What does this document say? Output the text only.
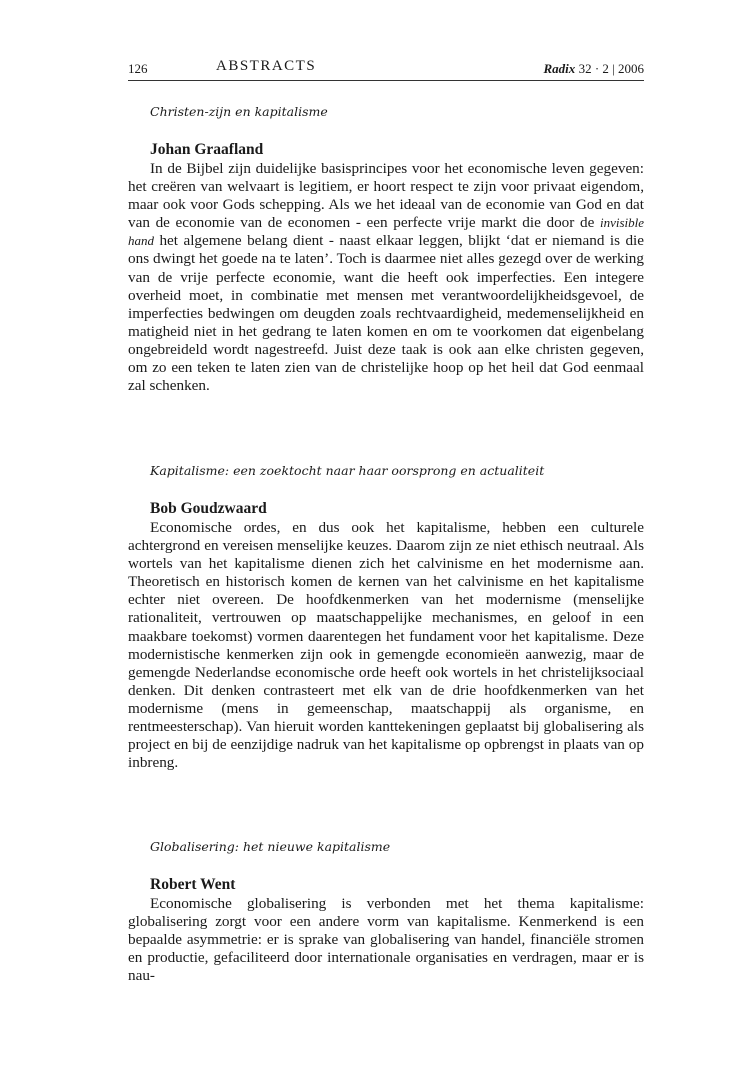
126	ABSTRACTS	Radix 32 · 2 | 2006

Christen-zijn en kapitalisme

Johan Graafland

In de Bijbel zijn duidelijke basisprincipes voor het economische leven gegeven: het creëren van welvaart is legitiem, er hoort respect te zijn voor privaat eigendom, maar ook voor Gods schepping. Als we het ideaal van de economie van God en dat van de economie van de economen - een perfecte vrije markt die door de invisible hand het algemene belang dient - naast elkaar leggen, blijkt ‘dat er niemand is die ons dwingt het goede na te laten’. Toch is daarmee niet alles gezegd over de werking van de vrije perfecte economie, want die heeft ook imperfecties. Een integere overheid moet, in combinatie met mensen met verantwoordelijkheidsgevoel, de imperfecties bedwingen om deugden zoals rechtvaardigheid, medemenselijkheid en matigheid niet in het gedrang te laten komen en om te voorkomen dat eigenbelang ongebreideld wordt nagestreefd. Juist deze taak is ook aan elke christen gegeven, om zo een teken te laten zien van de christelijke hoop op het heil dat God eenmaal zal schenken.

Kapitalisme: een zoektocht naar haar oorsprong en actualiteit

Bob Goudzwaard

Economische ordes, en dus ook het kapitalisme, hebben een culturele achtergrond en vereisen menselijke keuzes. Daarom zijn ze niet ethisch neutraal. Als wortels van het kapitalisme dienen zich het calvinisme en het modernisme aan. Theoretisch en historisch komen de kernen van het calvinisme en het kapitalisme echter niet overeen. De hoofdkenmerken van het modernisme (menselijke rationaliteit, vertrouwen op maatschappelijke mechanismes, en geloof in een maakbare toekomst) vormen daarentegen het fundament voor het kapitalisme. Deze modernistische kenmerken zijn ook in gemengde economieën aanwezig, maar de gemengde Nederlandse economische orde heeft ook wortels in het christelijksociaal denken. Dit denken contrasteert met elk van de drie hoofdkenmerken van het modernisme (mens in gemeenschap, maatschappij als organisme, en rentmeesterschap). Van hieruit worden kanttekeningen geplaatst bij globalisering als project en bij de eenzijdige nadruk van het kapitalisme op opbrengst in plaats van op inbreng.

Globalisering: het nieuwe kapitalisme

Robert Went

Economische globalisering is verbonden met het thema kapitalisme: globalisering zorgt voor een andere vorm van kapitalisme. Kenmerkend is een bepaalde asymmetrie: er is sprake van globalisering van handel, financiële stromen en productie, gefaciliteerd door internationale organisaties en verdragen, maar er is nau-
